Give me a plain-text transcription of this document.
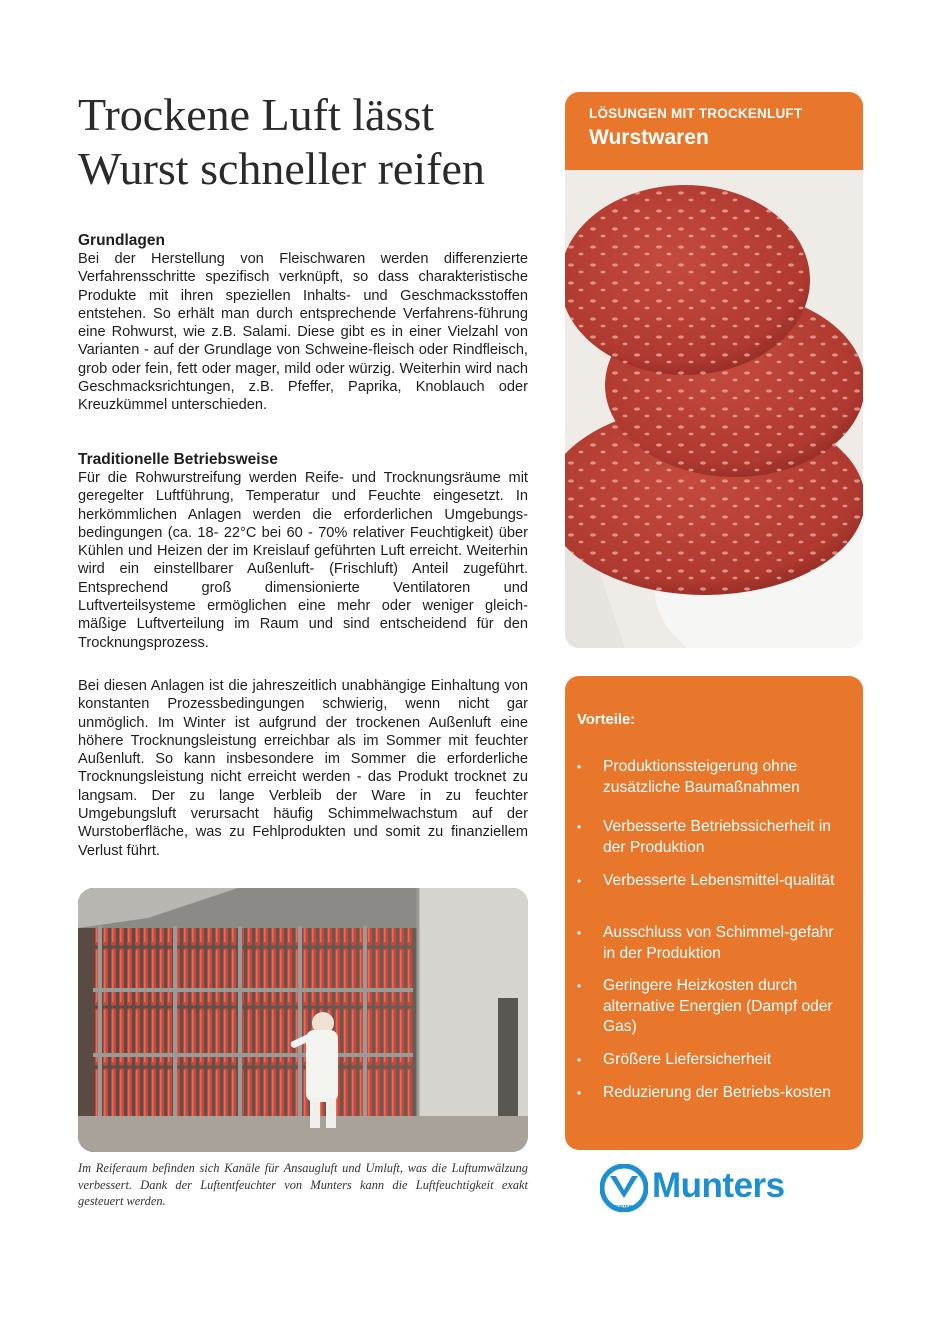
Trockene Luft lässt
Wurst schneller reifen
Grundlagen

Bei der Herstellung von Fleischwaren werden differenzierte Verfahrensschritte spezifisch verknüpft, so dass charakteristische Produkte mit ihren speziellen Inhalts- und Geschmacksstoffen entstehen. So erhält man durch entsprechende Verfahrens-führung eine Rohwurst, wie z.B. Salami. Diese gibt es in einer Vielzahl von Varianten - auf der Grundlage von Schweine-fleisch oder Rindfleisch, grob oder fein, fett oder mager, mild oder würzig. Weiterhin wird nach Geschmacksrichtungen, z.B. Pfeffer, Paprika, Knoblauch oder Kreuzkümmel unterschieden.

Traditionelle Betriebsweise

Für die Rohwurstreifung werden Reife- und Trocknungsräume mit geregelter Luftführung, Temperatur und Feuchte eingesetzt. In herkömmlichen Anlagen werden die erforderlichen Umgebungs-bedingungen (ca. 18- 22°C bei 60 - 70% relativer Feuchtigkeit) über Kühlen und Heizen der im Kreislauf geführten Luft erreicht. Weiterhin wird ein einstellbarer Außenluft- (Frischluft) Anteil zugeführt. Entsprechend groß dimensionierte Ventilatoren und Luftverteilsysteme ermöglichen eine mehr oder weniger gleich-mäßige Luftverteilung im Raum und sind entscheidend für den Trocknungsprozess.

Bei diesen Anlagen ist die jahreszeitlich unabhängige Einhaltung von konstanten Prozessbedingungen schwierig, wenn nicht gar unmöglich. Im Winter ist aufgrund der trockenen Außenluft eine höhere Trocknungsleistung erreichbar als im Sommer mit feuchter Außenluft. So kann insbesondere im Sommer die erforderliche Trocknungsleistung nicht erreicht werden - das Produkt trocknet zu langsam. Der zu lange Verbleib der Ware in zu feuchter Umgebungsluft verursacht häufig Schimmelwachstum auf der Wurstoberfläche, was zu Fehlprodukten und somit zu finanziellem Verlust führt.

Im Reiferaum befinden sich Kanäle für Ansaugluft und Umluft, was die Luftumwälzung verbessert. Dank der Luftentfeuchter von Munters kann die Luftfeuchtigkeit exakt gesteuert werden.

LÖSUNGEN MIT TROCKENLUFT
Wurstwaren
Vorteile:
• Produktionssteigerung ohne zusätzliche Baumaßnahmen
• Verbesserte Betriebssicherheit in der Produktion
• Verbesserte Lebensmittel-qualität
• Ausschluss von Schimmel-gefahr in der Produktion
• Geringere Heizkosten durch alternative Energien (Dampf oder Gas)
• Größere Liefersicherheit
• Reduzierung der Betriebs-kosten
MUNTERS
Munters
